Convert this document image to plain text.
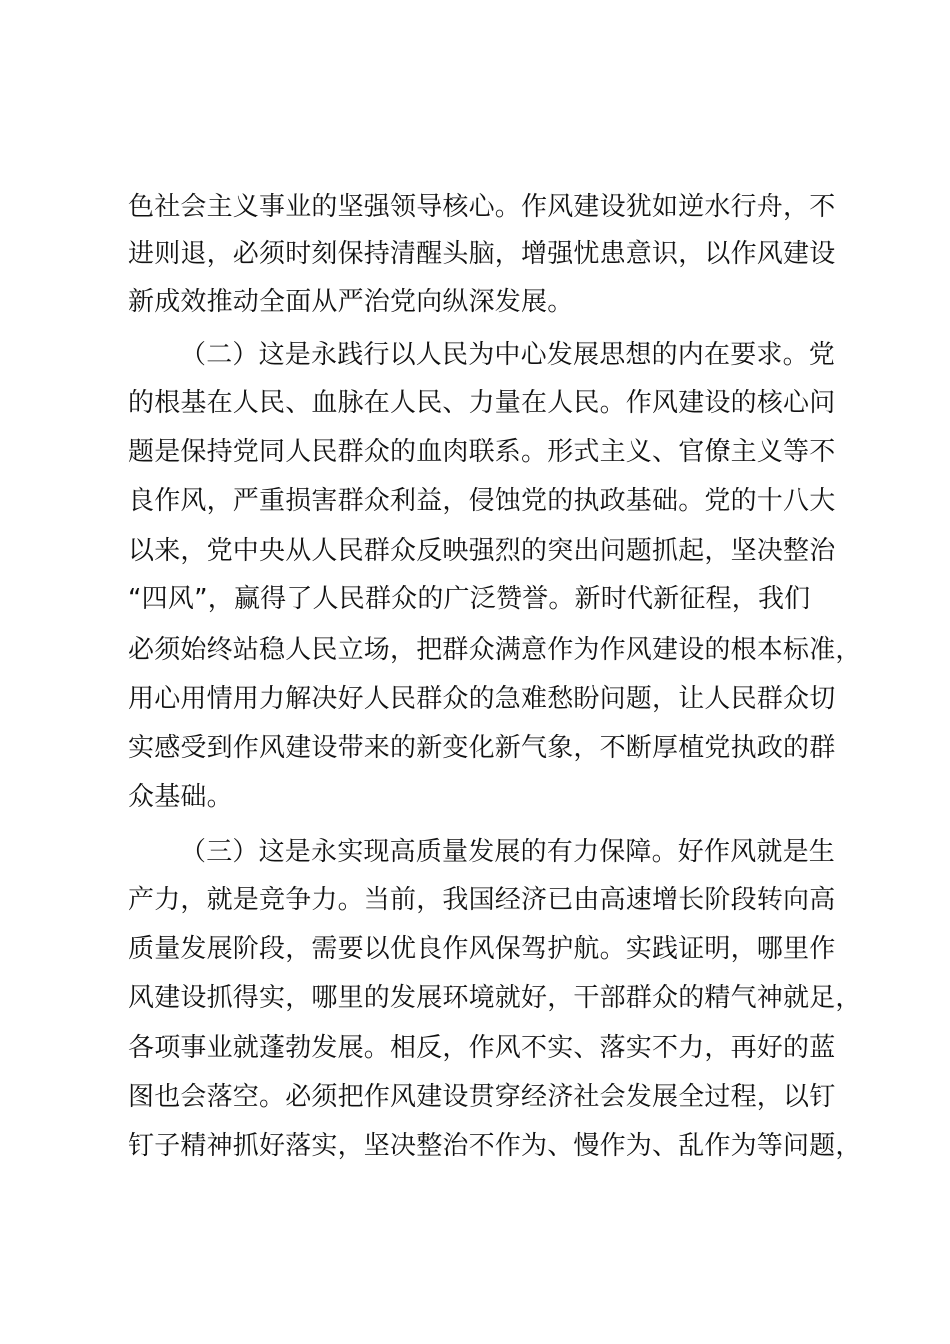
色社会主义事业的坚强领导核心。作风建设犹如逆水行舟，不

进则退，必须时刻保持清醒头脑，增强忧患意识，以作风建设

新成效推动全面从严治党向纵深发展。

（二）这是永践行以人民为中心发展思想的内在要求。党

的根基在人民、血脉在人民、力量在人民。作风建设的核心问

题是保持党同人民群众的血肉联系。形式主义、官僚主义等不

良作风，严重损害群众利益，侵蚀党的执政基础。党的十八大

以来，党中央从人民群众反映强烈的突出问题抓起，坚决整治

“四风”，赢得了人民群众的广泛赞誉。新时代新征程，我们

必须始终站稳人民立场，把群众满意作为作风建设的根本标准，

用心用情用力解决好人民群众的急难愁盼问题，让人民群众切

实感受到作风建设带来的新变化新气象，不断厚植党执政的群

众基础。

（三）这是永实现高质量发展的有力保障。好作风就是生

产力，就是竞争力。当前，我国经济已由高速增长阶段转向高

质量发展阶段，需要以优良作风保驾护航。实践证明，哪里作

风建设抓得实，哪里的发展环境就好，干部群众的精气神就足，

各项事业就蓬勃发展。相反，作风不实、落实不力，再好的蓝

图也会落空。必须把作风建设贯穿经济社会发展全过程，以钉

钉子精神抓好落实，坚决整治不作为、慢作为、乱作为等问题，
